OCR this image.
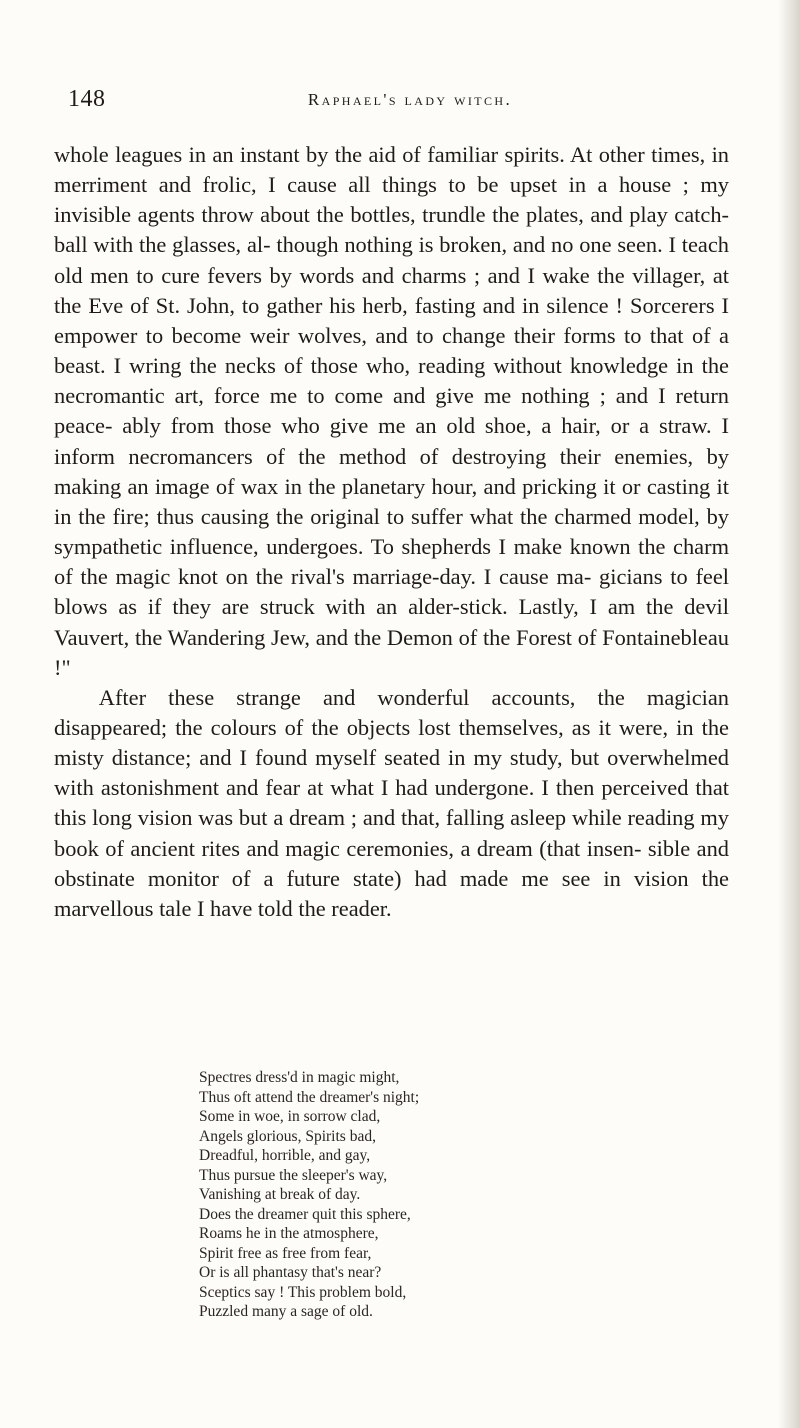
148	raphael's lady witch.

whole leagues in an instant by the aid of familiar spirits. At other times, in merriment and frolic, I cause all things to be upset in a house ; my invisible agents throw about the bottles, trundle the plates, and play catch-ball with the glasses, al- though nothing is broken, and no one seen. I teach old men to cure fevers by words and charms ; and I wake the villager, at the Eve of St. John, to gather his herb, fasting and in silence ! Sorcerers I empower to become weir wolves, and to change their forms to that of a beast. I wring the necks of those who, reading without knowledge in the necromantic art, force me to come and give me nothing ; and I return peace- ably from those who give me an old shoe, a hair, or a straw. I inform necromancers of the method of destroying their enemies, by making an image of wax in the planetary hour, and pricking it or casting it in the fire; thus causing the original to suffer what the charmed model, by sympathetic influence, undergoes. To shepherds I make known the charm of the magic knot on the rival's marriage-day. I cause ma- gicians to feel blows as if they are struck with an alder-stick. Lastly, I am the devil Vauvert, the Wandering Jew, and the Demon of the Forest of Fontainebleau !"

After these strange and wonderful accounts, the magician disappeared; the colours of the objects lost themselves, as it were, in the misty distance; and I found myself seated in my study, but overwhelmed with astonishment and fear at what I had undergone. I then perceived that this long vision was but a dream ; and that, falling asleep while reading my book of ancient rites and magic ceremonies, a dream (that insen- sible and obstinate monitor of a future state) had made me see in vision the marvellous tale I have told the reader.

Spectres dress'd in magic might,
Thus oft attend the dreamer's night;
Some in woe, in sorrow clad,
Angels glorious, Spirits bad,
Dreadful, horrible, and gay,
Thus pursue the sleeper's way,
Vanishing at break of day.
Does the dreamer quit this sphere,
Roams he in the atmosphere,
Spirit free as free from fear,
Or is all phantasy that's near?
Sceptics say ! This problem bold,
Puzzled many a sage of old.
